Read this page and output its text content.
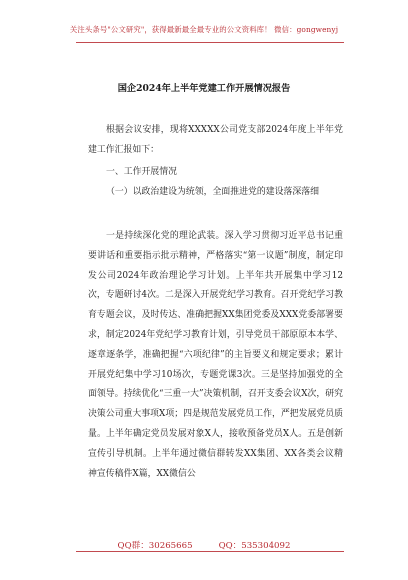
关注头条号"公文研究"，获得最新最全最专业的公文资料库！ 微信：gongwenyj
国企2024年上半年党建工作开展情况报告

根据会议安排，现将XXXXX公司党支部2024年度上半年党建工作汇报如下：

一、工作开展情况

（一）以政治建设为统领，全面推进党的建设落深落细

一是持续深化党的理论武装。深入学习贯彻习近平总书记重要讲话和重要指示批示精神，严格落实“第一议题”制度，制定印发公司2024年政治理论学习计划。上半年共开展集中学习12次，专题研讨4次。二是深入开展党纪学习教育。召开党纪学习教育专题会议，及时传达、准确把握XX集团党委及XXX党委部署要求，制定2024年党纪学习教育计划，引导党员干部原原本本学、逐章逐条学，准确把握“六项纪律”的主旨要义和规定要求；累计开展党纪集中学习10场次，专题党课3次。三是坚持加强党的全面领导。持续优化“三重一大”决策机制，召开支委会议X次，研究决策公司重大事项X项；四是规范发展党员工作，严把发展党员质量。上半年确定党员发展对象X人，接收预备党员X人。五是创新宣传引导机制。上半年通过微信群转发XX集团、XX各类会议精神宣传稿件X篇，XX微信公

QQ群：30265665	QQ：535304092
